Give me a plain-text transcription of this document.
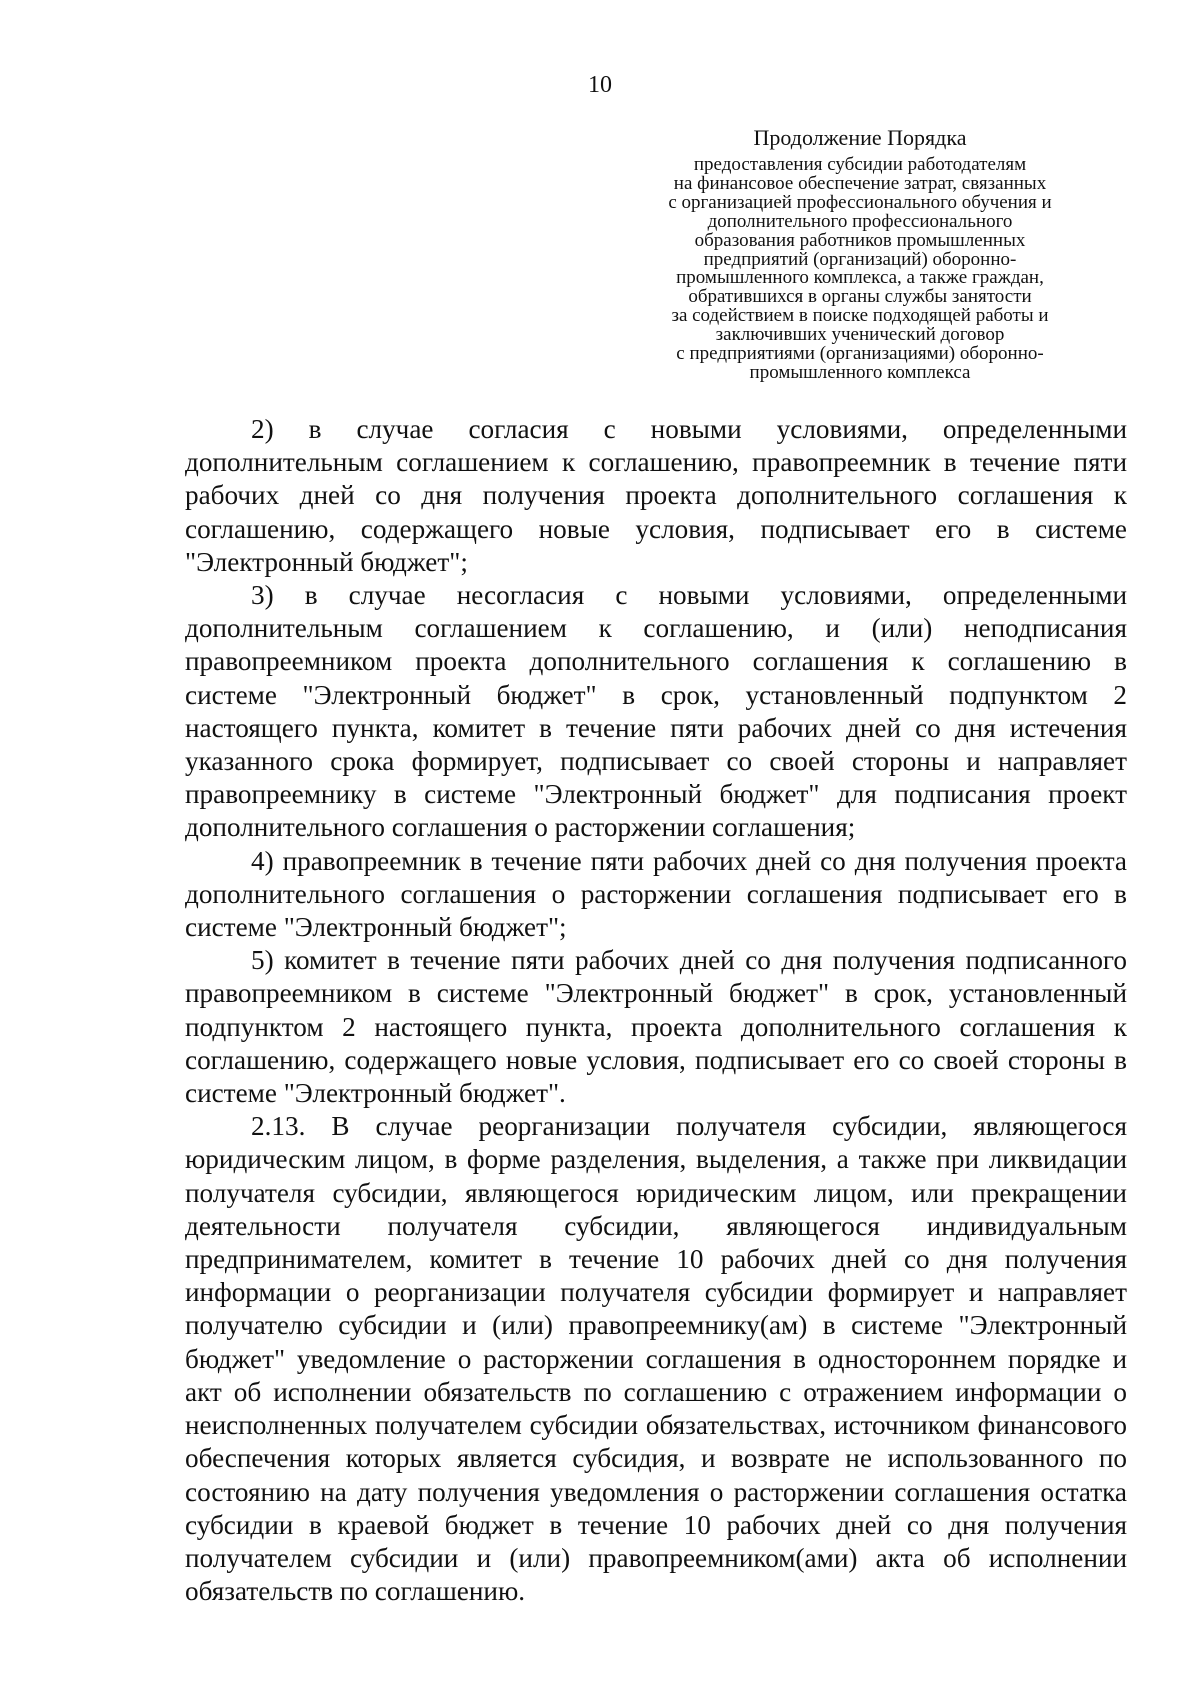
10
Продолжение Порядка
предоставления субсидии работодателям
на финансовое обеспечение затрат, связанных
с организацией профессионального обучения и
дополнительного профессионального
образования работников промышленных
предприятий (организаций) оборонно-
промышленного комплекса, а также граждан,
обратившихся в органы службы занятости
за содействием в поиске подходящей работы и
заключивших ученический договор
с предприятиями (организациями) оборонно-
промышленного комплекса

2) в случае согласия с новыми условиями, определенными дополнительным соглашением к соглашению, правопреемник в течение пяти рабочих дней со дня получения проекта дополнительного соглашения к соглашению, содержащего новые условия, подписывает его в системе "Электронный бюджет";

3) в случае несогласия с новыми условиями, определенными дополнительным соглашением к соглашению, и (или) неподписания правопреемником проекта дополнительного соглашения к соглашению в системе "Электронный бюджет" в срок, установленный подпунктом 2 настоящего пункта, комитет в течение пяти рабочих дней со дня истечения указанного срока формирует, подписывает со своей стороны и направляет правопреемнику в системе "Электронный бюджет" для подписания проект дополнительного соглашения о расторжении соглашения;

4) правопреемник в течение пяти рабочих дней со дня получения проекта дополнительного соглашения о расторжении соглашения подписывает его в системе "Электронный бюджет";

5) комитет в течение пяти рабочих дней со дня получения подписанного правопреемником в системе "Электронный бюджет" в срок, установленный подпунктом 2 настоящего пункта, проекта дополнительного соглашения к соглашению, содержащего новые условия, подписывает его со своей стороны в системе "Электронный бюджет".

2.13. В случае реорганизации получателя субсидии, являющегося юридическим лицом, в форме разделения, выделения, а также при ликвидации получателя субсидии, являющегося юридическим лицом, или прекращении деятельности получателя субсидии, являющегося индивидуальным предпринимателем, комитет в течение 10 рабочих дней со дня получения информации о реорганизации получателя субсидии формирует и направляет получателю субсидии и (или) правопреемнику(ам) в системе "Электронный бюджет" уведомление о расторжении соглашения в одностороннем порядке и акт об исполнении обязательств по соглашению с отражением информации о неисполненных получателем субсидии обязательствах, источником финансового обеспечения которых является субсидия, и возврате не использованного по состоянию на дату получения уведомления о расторжении соглашения остатка субсидии в краевой бюджет в течение 10 рабочих дней со дня получения получателем субсидии и (или) правопреемником(ами) акта об исполнении обязательств по соглашению.
